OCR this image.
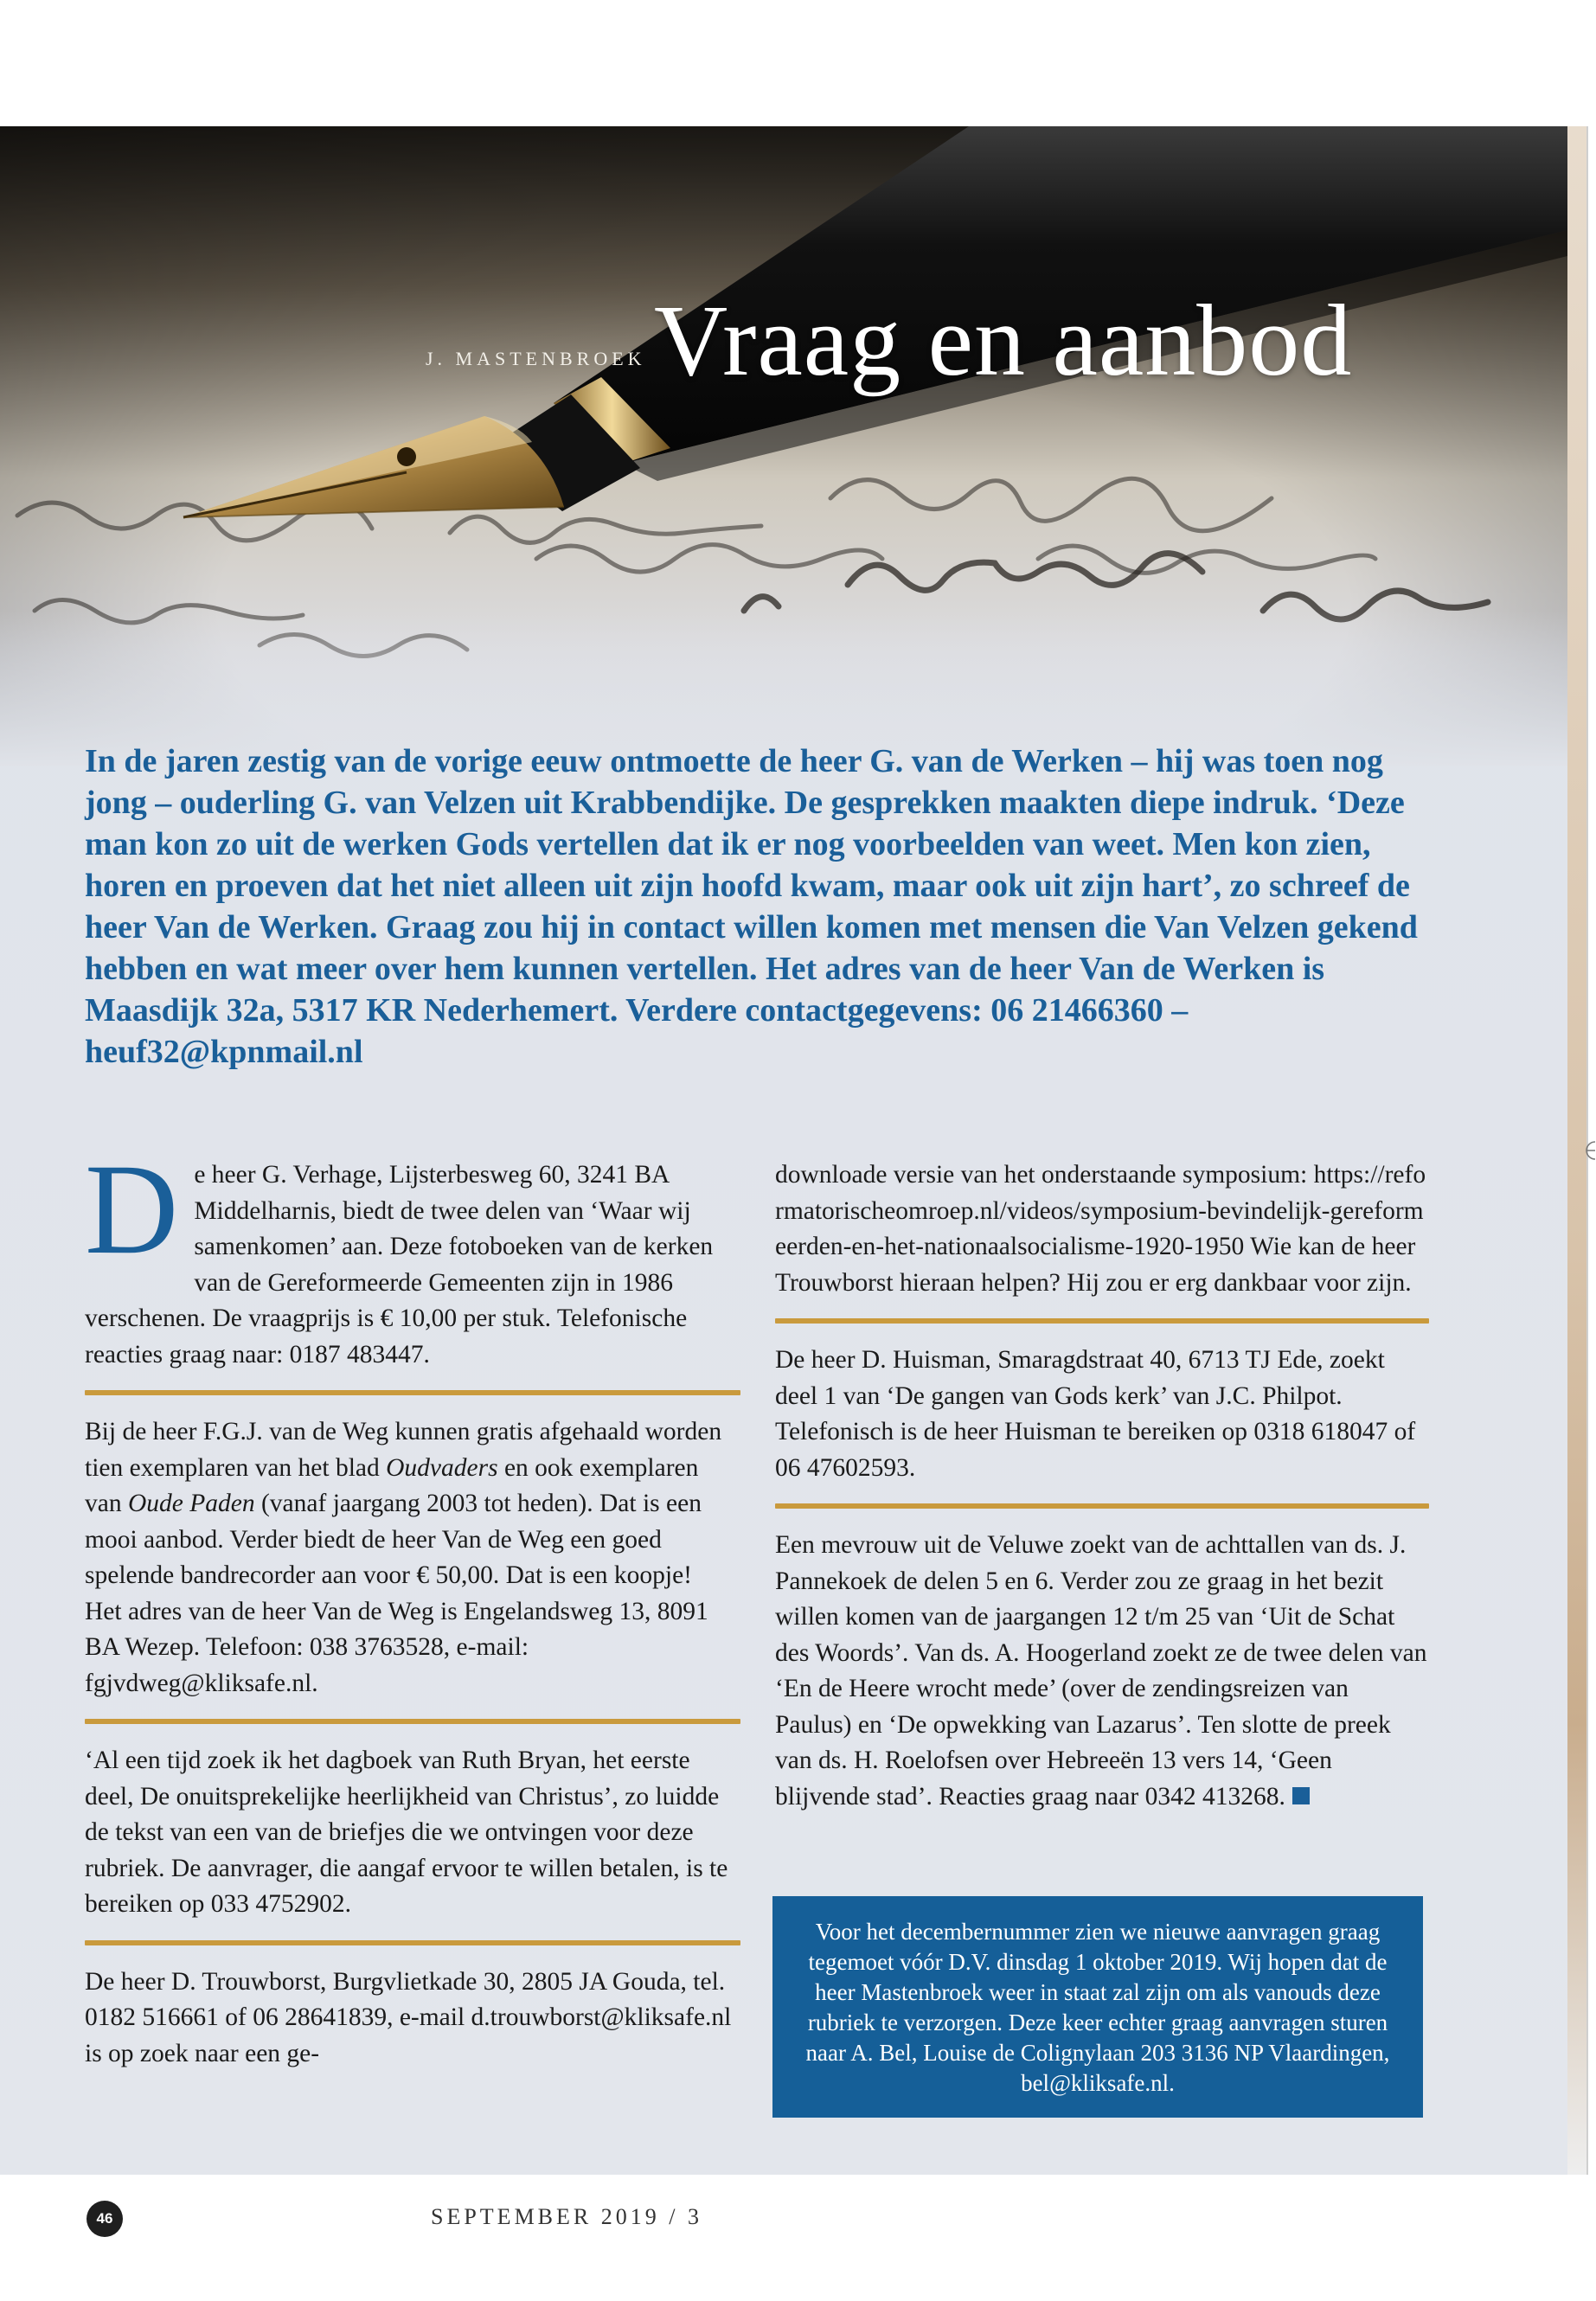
J. MASTENBROEK Vraag en aanbod

In de jaren zestig van de vorige eeuw ontmoette de heer G. van de Werken – hij was toen nog jong – ouderling G. van Velzen uit Krabbendijke. De gesprekken maakten diepe indruk. ‘Deze man kon zo uit de werken Gods vertellen dat ik er nog voorbeelden van weet. Men kon zien, horen en proeven dat het niet alleen uit zijn hoofd kwam, maar ook uit zijn hart’, zo schreef de heer Van de Werken. Graag zou hij in contact willen komen met mensen die Van Velzen gekend hebben en wat meer over hem kunnen vertellen. Het adres van de heer Van de Werken is Maasdijk 32a, 5317 KR Nederhemert. Verdere contactgegevens: 06 21466360 – heuf32@kpnmail.nl

De heer G. Verhage, Lijsterbesweg 60, 3241 BA Middelharnis, biedt de twee delen van ‘Waar wij samenkomen’ aan. Deze fotoboeken van de kerken van de Gereformeerde Gemeenten zijn in 1986 verschenen. De vraagprijs is € 10,00 per stuk. Telefonische reacties graag naar: 0187 483447.

Bij de heer F.G.J. van de Weg kunnen gratis afgehaald worden tien exemplaren van het blad Oudvaders en ook exemplaren van Oude Paden (vanaf jaargang 2003 tot heden). Dat is een mooi aanbod. Verder biedt de heer Van de Weg een goed spelende bandrecorder aan voor € 50,00. Dat is een koopje!

Het adres van de heer Van de Weg is Engelandsweg 13, 8091 BA Wezep. Telefoon: 038 3763528, e-mail: fgjvdweg@kliksafe.nl.

‘Al een tijd zoek ik het dagboek van Ruth Bryan, het eerste deel, De onuitsprekelijke heerlijkheid van Christus’, zo luidde de tekst van een van de briefjes die we ontvingen voor deze rubriek. De aanvrager, die aangaf ervoor te willen betalen, is te bereiken op 033 4752902.

De heer D. Trouwborst, Burgvlietkade 30, 2805 JA Gouda, tel. 0182 516661 of 06 28641839, e-mail d.trouwborst@kliksafe.nl is op zoek naar een ge-

downloade versie van het onderstaande symposium: https://reformatorischeomroep.nl/videos/symposium-bevindelijk-gereformeerden-en-het-nationaalsocialisme-1920-1950 Wie kan de heer Trouwborst hieraan helpen? Hij zou er erg dankbaar voor zijn.

De heer D. Huisman, Smaragdstraat 40, 6713 TJ Ede, zoekt deel 1 van ‘De gangen van Gods kerk’ van J.C. Philpot. Telefonisch is de heer Huisman te bereiken op 0318 618047 of 06 47602593.

Een mevrouw uit de Veluwe zoekt van de achttallen van ds. J. Pannekoek de delen 5 en 6. Verder zou ze graag in het bezit willen komen van de jaargangen 12 t/m 25 van ‘Uit de Schat des Woords’. Van ds. A. Hoogerland zoekt ze de twee delen van ‘En de Heere wrocht mede’ (over de zendingsreizen van Paulus) en ‘De opwekking van Lazarus’. Ten slotte de preek van ds. H. Roelofsen over Hebreeën 13 vers 14, ‘Geen blijvende stad’. Reacties graag naar 0342 413268.

Voor het decembernummer zien we nieuwe aanvragen graag tegemoet vóór D.V. dinsdag 1 oktober 2019. Wij hopen dat de heer Mastenbroek weer in staat zal zijn om als vanouds deze rubriek te verzorgen. Deze keer echter graag aanvragen sturen naar A. Bel, Louise de Colignylaan 203 3136 NP Vlaardingen, bel@kliksafe.nl.
46	SEPTEMBER 2019 / 3
